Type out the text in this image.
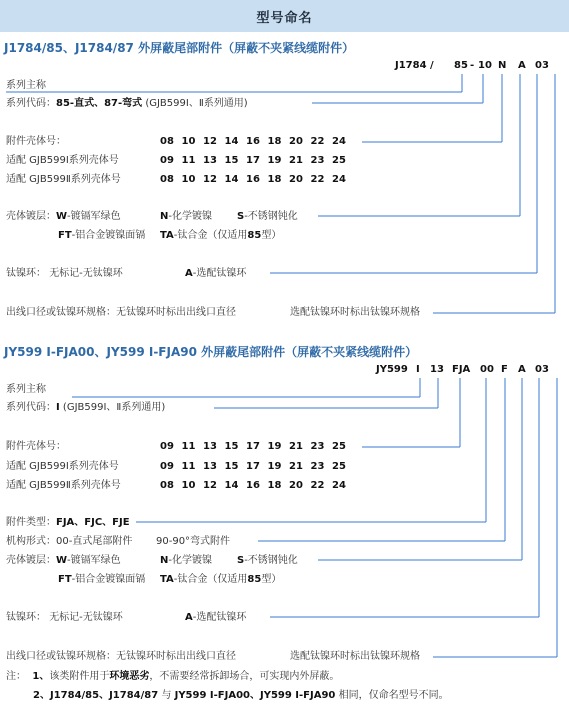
型号命名
J1784/85、J1784/87 外屏蔽尾部附件（屏蔽不夹紧线缆附件）
J1784 / 85 - 10 N A 03
系列主称
系列代码：85-直式、87-弯式 (GJB599Ⅰ、Ⅱ系列通用)
附件壳体号：	08 10 12 14 16 18 20 22 24
适配 GJB599Ⅰ系列壳体号	09 11 13 15 17 19 21 23 25
适配 GJB599Ⅱ系列壳体号	08 10 12 14 16 18 20 22 24
壳体镀层：W-镀镉军绿色	N-化学镀镍	S-不锈钢钝化
FT-铝合金镀镍面镉 TA-钛合金（仅适用85型）
钛镍环： 无标记-无钛镍环	A-选配钛镍环
出线口径或钛镍环规格：无钛镍环时标出出线口直径	选配钛镍环时标出钛镍环规格
JY599 I-FJA00、JY599 I-FJA90 外屏蔽尾部附件（屏蔽不夹紧线缆附件）
JY599 I 13 FJA 00 F A 03
系列主称
系列代码：I (GJB599Ⅰ、Ⅱ系列通用)
附件壳体号：	09 11 13 15 17 19 21 23 25
适配 GJB599Ⅰ系列壳体号	09 11 13 15 17 19 21 23 25
适配 GJB599Ⅱ系列壳体号	08 10 12 14 16 18 20 22 24
附件类型：FJA、FJC、FJE
机构形式：00-直式尾部附件 90-90°弯式附件
壳体镀层：W-镀镉军绿色	N-化学镀镍	S-不锈钢钝化
FT-铝合金镀镍面镉 TA-钛合金（仅适用85型）
钛镍环： 无标记-无钛镍环	A-选配钛镍环
出线口径或钛镍环规格：无钛镍环时标出出线口直径	选配钛镍环时标出钛镍环规格
注： 1、该类附件用于环境恶劣，不需要经常拆卸场合，可实现内外屏蔽。
2、J1784/85、J1784/87 与 JY599 I-FJA00、JY599 I-FJA90 相同，仅命名型号不同。
